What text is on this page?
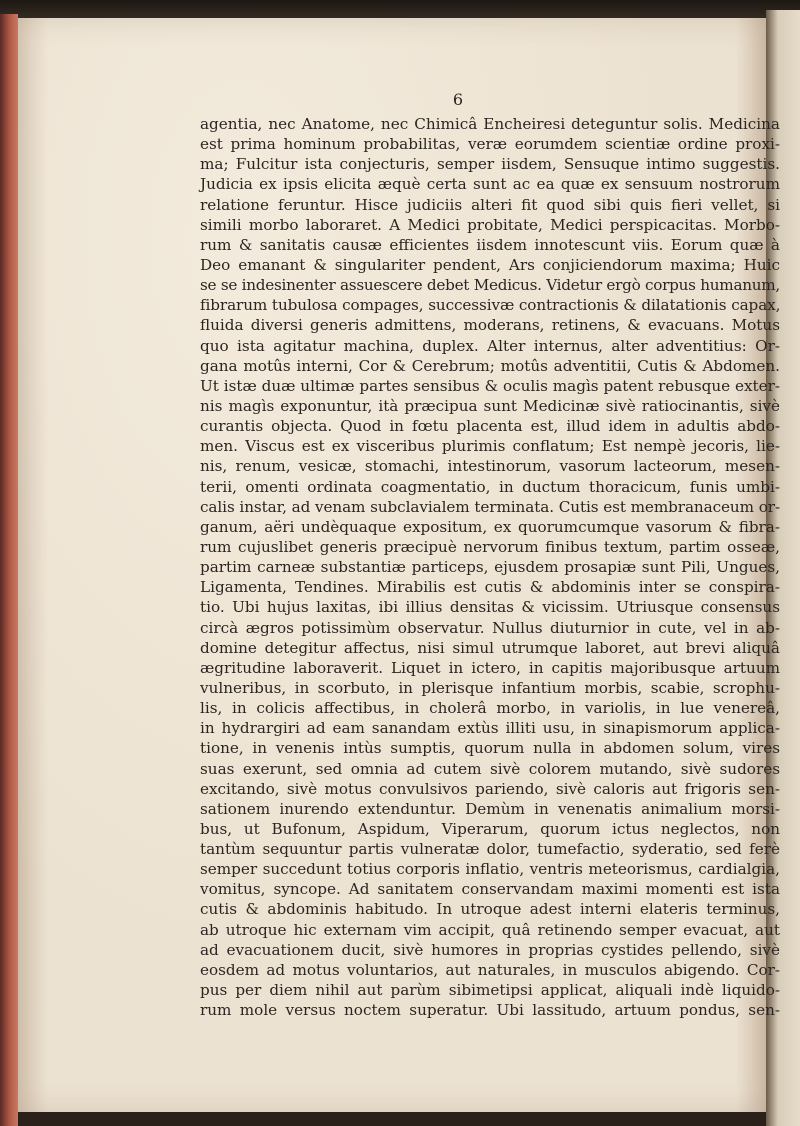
6
agentia, nec Anatome, nec Chimicâ Encheiresi deteguntur solis. Medicina
est prima hominum probabilitas, veræ eorumdem scientiæ ordine proxi-
ma; Fulcitur ista conjecturis, semper iisdem, Sensuque intimo suggestis.
Judicia ex ipsis elicita æquè certa sunt ac ea quæ ex sensuum nostrorum
relatione feruntur. Hisce judiciis alteri fit quod sibi quis fieri vellet, si
simili morbo laboraret. A Medici probitate, Medici perspicacitas. Morbo-
rum & sanitatis causæ efficientes iisdem innotescunt viis. Eorum quæ à
Deo emanant & singulariter pendent, Ars conjiciendorum maxima; Huic
se se indesinenter assuescere debet Medicus. Videtur ergò corpus humanum,
fibrarum tubulosa compages, successivæ contractionis & dilatationis capax,
fluida diversi generis admittens, moderans, retinens, & evacuans. Motus
quo ista agitatur machina, duplex. Alter internus, alter adventitius: Or-
gana motûs interni, Cor & Cerebrum; motûs adventitii, Cutis & Abdomen.
Ut istæ duæ ultimæ partes sensibus & oculis magìs patent rebusque exter-
nis magìs exponuntur, ità præcipua sunt Medicinæ sivè ratiocinantis, sivè
curantis objecta. Quod in fœtu placenta est, illud idem in adultis abdo-
men. Viscus est ex visceribus plurimis conflatum; Est nempè jecoris, lie-
nis, renum, vesicæ, stomachi, intestinorum, vasorum lacteorum, mesen-
terii, omenti ordinata coagmentatio, in ductum thoracicum, funis umbi-
calis instar, ad venam subclavialem terminata. Cutis est membranaceum or-
ganum, aëri undèquaque expositum, ex quorumcumque vasorum & fibra-
rum cujuslibet generis præcipuè nervorum finibus textum, partim osseæ,
partim carneæ substantiæ particeps, ejusdem prosapiæ sunt Pili, Ungues,
Ligamenta, Tendines. Mirabilis est cutis & abdominis inter se conspira-
tio. Ubi hujus laxitas, ibi illius densitas & vicissim. Utriusque consensus
circà ægros potissimùm observatur. Nullus diuturnior in cute, vel in ab-
domine detegitur affectus, nisi simul utrumque laboret, aut brevi aliquâ
ægritudine laboraverit. Liquet in ictero, in capitis majoribusque artuum
vulneribus, in scorbuto, in plerisque infantium morbis, scabie, scrophu-
lis, in colicis affectibus, in cholerâ morbo, in variolis, in lue venereâ,
in hydrargiri ad eam sanandam extùs illiti usu, in sinapismorum applica-
tione, in venenis intùs sumptis, quorum nulla in abdomen solum, vires
suas exerunt, sed omnia ad cutem sivè colorem mutando, sivè sudores
excitando, sivè motus convulsivos pariendo, sivè caloris aut frigoris sen-
sationem inurendo extenduntur. Demùm in venenatis animalium morsi-
bus, ut Bufonum, Aspidum, Viperarum, quorum ictus neglectos, non
tantùm sequuntur partis vulneratæ dolor, tumefactio, syderatio, sed ferè
semper succedunt totius corporis inflatio, ventris meteorismus, cardialgia,
vomitus, syncope. Ad sanitatem conservandam maximi momenti est ista
cutis & abdominis habitudo. In utroque adest interni elateris terminus,
ab utroque hic externam vim accipit, quâ retinendo semper evacuat, aut
ad evacuationem ducit, sivè humores in proprias cystides pellendo, sivè
eosdem ad motus voluntarios, aut naturales, in musculos abigendo. Cor-
pus per diem nihil aut parùm sibimetipsi applicat, aliquali indè liquido-
rum mole versus noctem superatur. Ubi lassitudo, artuum pondus, sen-
